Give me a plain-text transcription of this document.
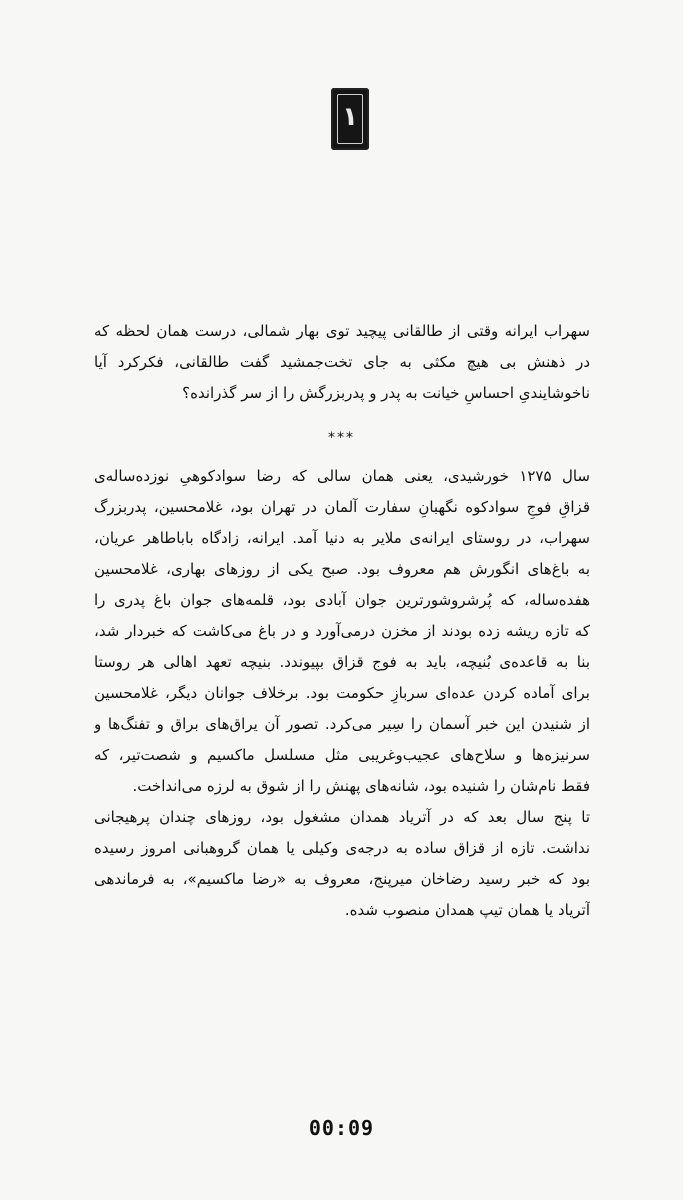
۱

سهراب ایرانه وقتی از طالقانی پیچید توی بهار شمالی، درست همان لحظه که
در ذهنش بی هیچ مکثی به جای تخت‌جمشید گفت طالقانی، فکرکرد آیا
ناخوشایندیِ احساسِ خیانت به پدر و پدربزرگش را از سر گذرانده؟

***

سال ۱۲۷۵ خورشیدی، یعنی همان سالی که رضا سوادکوهیِ نوزده‌ساله‌ی
قزاقِ فوجِ سوادکوه نگهبانِ سفارت آلمان در تهران بود، غلامحسین، پدربزرگ
سهراب، در روستای ایرانه‌ی ملایر به دنیا آمد. ایرانه، زادگاه باباطاهر عریان،
به باغ‌های انگورش هم معروف بود. صبح یکی از روزهای بهاری، غلامحسین
هفده‌ساله، که پُرشروشورترین جوان آبادی بود، قلمه‌های جوان باغ پدری را
که تازه ریشه زده بودند از مخزن درمی‌آورد و در باغ می‌کاشت که خبردار شد،
بنا به قاعده‌ی بُنیچه، باید به فوج قزاق بپیوندد. بنیچه تعهد اهالی هر روستا
برای آماده کردن عده‌ای سربازِ حکومت بود. برخلاف جوانان دیگر، غلامحسین
از شنیدن این خبر آسمان را سِیر می‌کرد. تصور آن یراق‌های براق و تفنگ‌ها و
سرنیزه‌ها و سلاح‌های عجیب‌وغریبی مثل مسلسل ماکسیم و شصت‌تیر، که
فقط نام‌شان را شنیده بود، شانه‌های پهنش را از شوق به لرزه می‌انداخت.

تا پنج سال بعد که در آتریاد همدان مشغول بود، روزهای چندان پرهیجانی
نداشت. تازه از قزاق ساده به درجه‌ی وکیلی یا همان گروهبانی امروز رسیده
بود که خبر رسید رضاخان میرپنج، معروف به «رضا ماکسیم»، به فرماندهی
آتریاد یا همان تیپ همدان منصوب شده.

00:09
